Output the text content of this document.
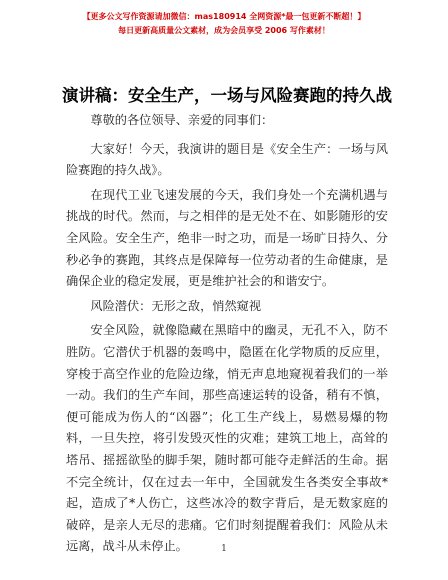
【更多公文写作资源请加微信：mas180914 全网资源*最一包更新不断超！】
每日更新高质量公文素材，成为会员享受 2006 写作素材！
演讲稿：安全生产，一场与风险赛跑的持久战

尊敬的各位领导、亲爱的同事们：

大家好！今天，我演讲的题目是《安全生产：一场与风险赛跑的持久战》。

在现代工业飞速发展的今天，我们身处一个充满机遇与挑战的时代。然而，与之相伴的是无处不在、如影随形的安全风险。安全生产，绝非一时之功，而是一场旷日持久、分秒必争的赛跑，其终点是保障每一位劳动者的生命健康，是确保企业的稳定发展，更是维护社会的和谐安宁。

风险潜伏：无形之敌，悄然窥视

安全风险，就像隐藏在黑暗中的幽灵，无孔不入，防不胜防。它潜伏于机器的轰鸣中，隐匿在化学物质的反应里，穿梭于高空作业的危险边缘，悄无声息地窥视着我们的一举一动。我们的生产车间，那些高速运转的设备，稍有不慎，便可能成为伤人的“凶器”；化工生产线上，易燃易爆的物料，一旦失控，将引发毁灭性的灾难；建筑工地上，高耸的塔吊、摇摇欲坠的脚手架，随时都可能夺走鲜活的生命。据不完全统计，仅在过去一年中，全国就发生各类安全事故*起，造成了*人伤亡，这些冰冷的数字背后，是无数家庭的破碎，是亲人无尽的悲痛。它们时刻提醒着我们：风险从未远离，战斗从未停止。	1
